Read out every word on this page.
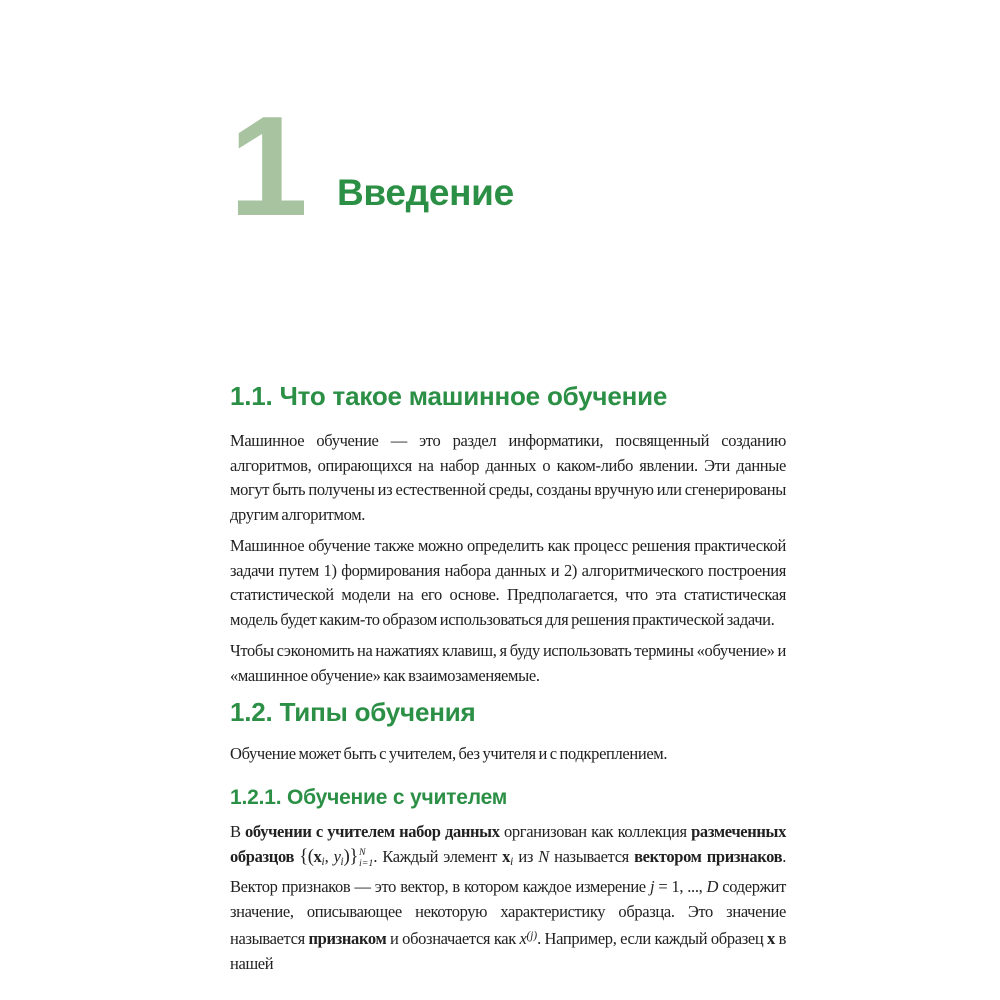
1 Введение
1.1. Что такое машинное обучение

Машинное обучение — это раздел информатики, посвященный созданию алгоритмов, опирающихся на набор данных о каком-либо явлении. Эти данные могут быть получены из естественной среды, созданы вручную или сгенерированы другим алгоритмом.

Машинное обучение также можно определить как процесс решения практической задачи путем 1) формирования набора данных и 2) алгоритмического построения статистической модели на его основе. Предполагается, что эта статистическая модель будет каким-то образом использоваться для решения практической задачи.

Чтобы сэкономить на нажатиях клавиш, я буду использовать термины «обучение» и «машинное обучение» как взаимозаменяемые.

1.2. Типы обучения

Обучение может быть с учителем, без учителя и с подкреплением.

1.2.1. Обучение с учителем

В обучении с учителем набор данных организован как коллекция размеченных образцов {(xi, yi)} N
i=1 . Каждый элемент xi из N называется вектором признаков. Вектор признаков — это вектор, в котором каждое измерение j = 1, ..., D содержит значение, описывающее некоторую характеристику образца. Это значение называется признаком и обозначается как $x^{(j)}$. Например, если каждый образец x в нашей
